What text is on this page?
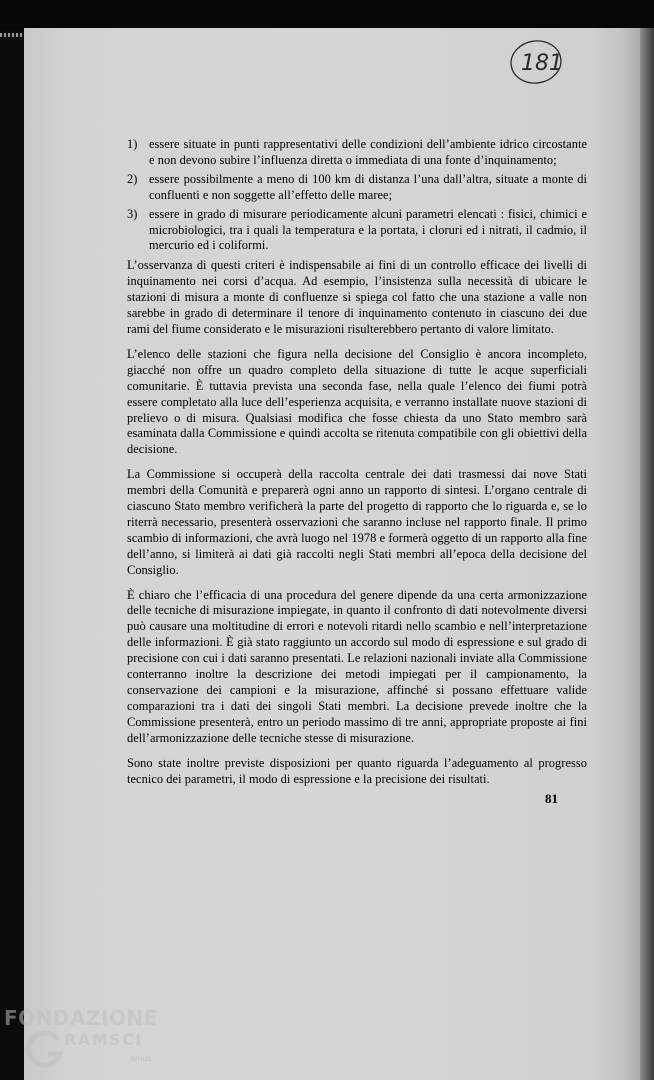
181
1) essere situate in punti rappresentativi delle condizioni dell’ambiente idrico circostante e non devono subire l’influenza diretta o immediata di una fonte d’inquinamento;
2) essere possibilmente a meno di 100 km di distanza l’una dall’altra, situate a monte di confluenti e non soggette all’effetto delle maree;
3) essere in grado di misurare periodicamente alcuni parametri elencati : fisici, chimici e microbiologici, tra i quali la temperatura e la portata, i cloruri ed i nitrati, il cadmio, il mercurio ed i coliformi.

L’osservanza di questi criteri è indispensabile ai fini di un controllo efficace dei livelli di inquinamento nei corsi d’acqua. Ad esempio, l’insistenza sulla necessità di ubicare le stazioni di misura a monte di confluenze si spiega col fatto che una stazione a valle non sarebbe in grado di determinare il tenore di inquinamento contenuto in ciascuno dei due rami del fiume considerato e le misurazioni risulterebbero pertanto di valore limitato.

L’elenco delle stazioni che figura nella decisione del Consiglio è ancora incompleto, giacché non offre un quadro completo della situazione di tutte le acque superficiali comunitarie. È tuttavia prevista una seconda fase, nella quale l’elenco dei fiumi potrà essere completato alla luce dell’esperienza acquisita, e verranno installate nuove stazioni di prelievo o di misura. Qualsiasi modifica che fosse chiesta da uno Stato membro sarà esaminata dalla Commissione e quindi accolta se ritenuta compatibile con gli obiettivi della decisione.

La Commissione si occuperà della raccolta centrale dei dati trasmessi dai nove Stati membri della Comunità e preparerà ogni anno un rapporto di sintesi. L’organo centrale di ciascuno Stato membro verificherà la parte del progetto di rapporto che lo riguarda e, se lo riterrà necessario, presenterà osservazioni che saranno incluse nel rapporto finale. Il primo scambio di informazioni, che avrà luogo nel 1978 e formerà oggetto di un rapporto alla fine dell’anno, si limiterà ai dati già raccolti negli Stati membri all’epoca della decisione del Consiglio.

È chiaro che l’efficacia di una procedura del genere dipende da una certa armonizzazione delle tecniche di misurazione impiegate, in quanto il confronto di dati notevolmente diversi può causare una moltitudine di errori e notevoli ritardi nello scambio e nell’interpretazione delle informazioni. È già stato raggiunto un accordo sul modo di espressione e sul grado di precisione con cui i dati saranno presentati. Le relazioni nazionali inviate alla Commissione conterranno inoltre la descrizione dei metodi impiegati per il campionamento, la conservazione dei campioni e la misurazione, affinché si possano effettuare valide comparazioni tra i dati dei singoli Stati membri. La decisione prevede inoltre che la Commissione presenterà, entro un periodo massimo di tre anni, appropriate proposte ai fini dell’armonizzazione delle tecniche stesse di misurazione.

Sono state inoltre previste disposizioni per quanto riguarda l’adeguamento al progresso tecnico dei parametri, il modo di espressione e la precisione dei risultati.

81
FONDAZIONE
RAMSCI
onlus
